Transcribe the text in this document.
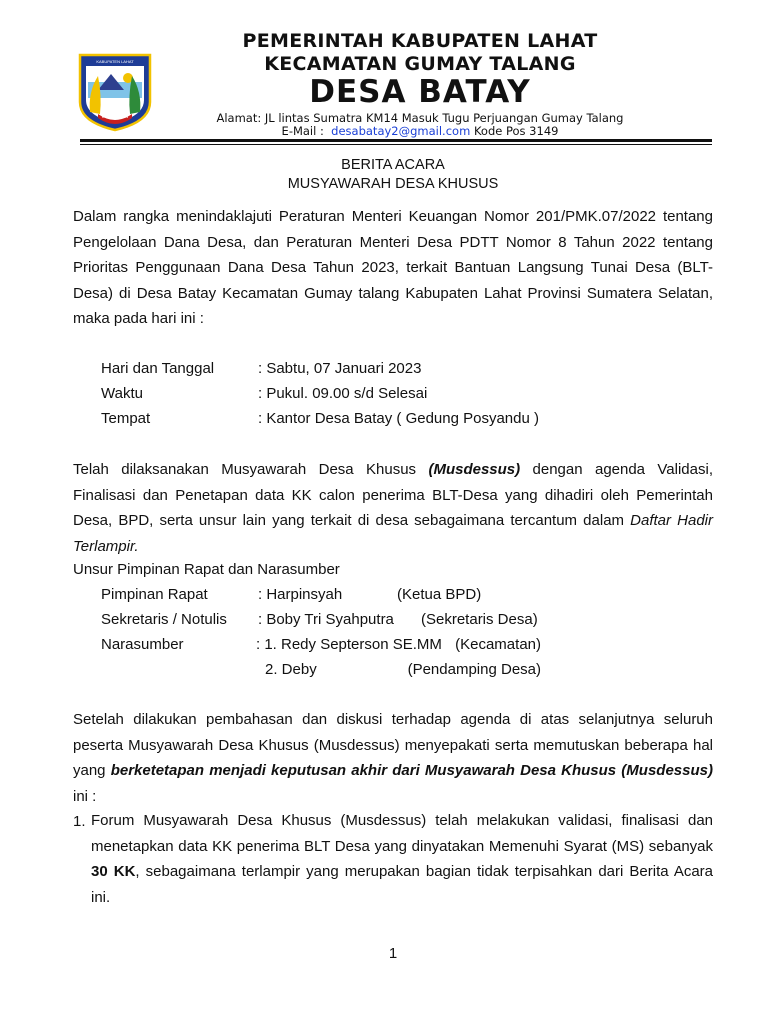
KABUPATEN LAHAT
BUMI SERASAN
PEMERINTAH KABUPATEN LAHAT
KECAMATAN GUMAY TALANG
DESA BATAY
Alamat: JL lintas Sumatra KM14 Masuk Tugu Perjuangan Gumay Talang
E-Mail : desabatay2@gmail.com Kode Pos 3149
BERITA ACARA
MUSYAWARAH DESA KHUSUS

Dalam rangka menindaklajuti Peraturan Menteri Keuangan Nomor 201/PMK.07/2022 tentang Pengelolaan Dana Desa, dan Peraturan Menteri Desa PDTT Nomor 8 Tahun 2022 tentang Prioritas Penggunaan Dana Desa Tahun 2023, terkait Bantuan Langsung Tunai Desa (BLT-Desa) di Desa Batay Kecamatan Gumay talang Kabupaten Lahat Provinsi Sumatera Selatan, maka pada hari ini :

Hari dan Tanggal	: Sabtu, 07 Januari 2023
Waktu	: Pukul. 09.00 s/d Selesai
Tempat	: Kantor Desa Batay ( Gedung Posyandu )

Telah dilaksanakan Musyawarah Desa Khusus (Musdessus) dengan agenda Validasi, Finalisasi dan Penetapan data KK calon penerima BLT-Desa yang dihadiri oleh Pemerintah Desa, BPD, serta unsur lain yang terkait di desa sebagaimana tercantum dalam Daftar Hadir Terlampir.

Unsur Pimpinan Rapat dan Narasumber
Pimpinan Rapat	: Harpinsyah	(Ketua BPD)
Sekretaris / Notulis : Boby Tri Syahputra (Sekretaris Desa)
Narasumber	: 1. Redy Septerson SE.MM (Kecamatan)
2. Deby	(Pendamping Desa)

Setelah dilakukan pembahasan dan diskusi terhadap agenda di atas selanjutnya seluruh peserta Musyawarah Desa Khusus (Musdessus) menyepakati serta memutuskan beberapa hal yang berketetapan menjadi keputusan akhir dari Musyawarah Desa Khusus (Musdessus) ini :

1. Forum Musyawarah Desa Khusus (Musdessus) telah melakukan validasi, finalisasi dan menetapkan data KK penerima BLT Desa yang dinyatakan Memenuhi Syarat (MS) sebanyak 30 KK, sebagaimana terlampir yang merupakan bagian tidak terpisahkan dari Berita Acara ini.

1
